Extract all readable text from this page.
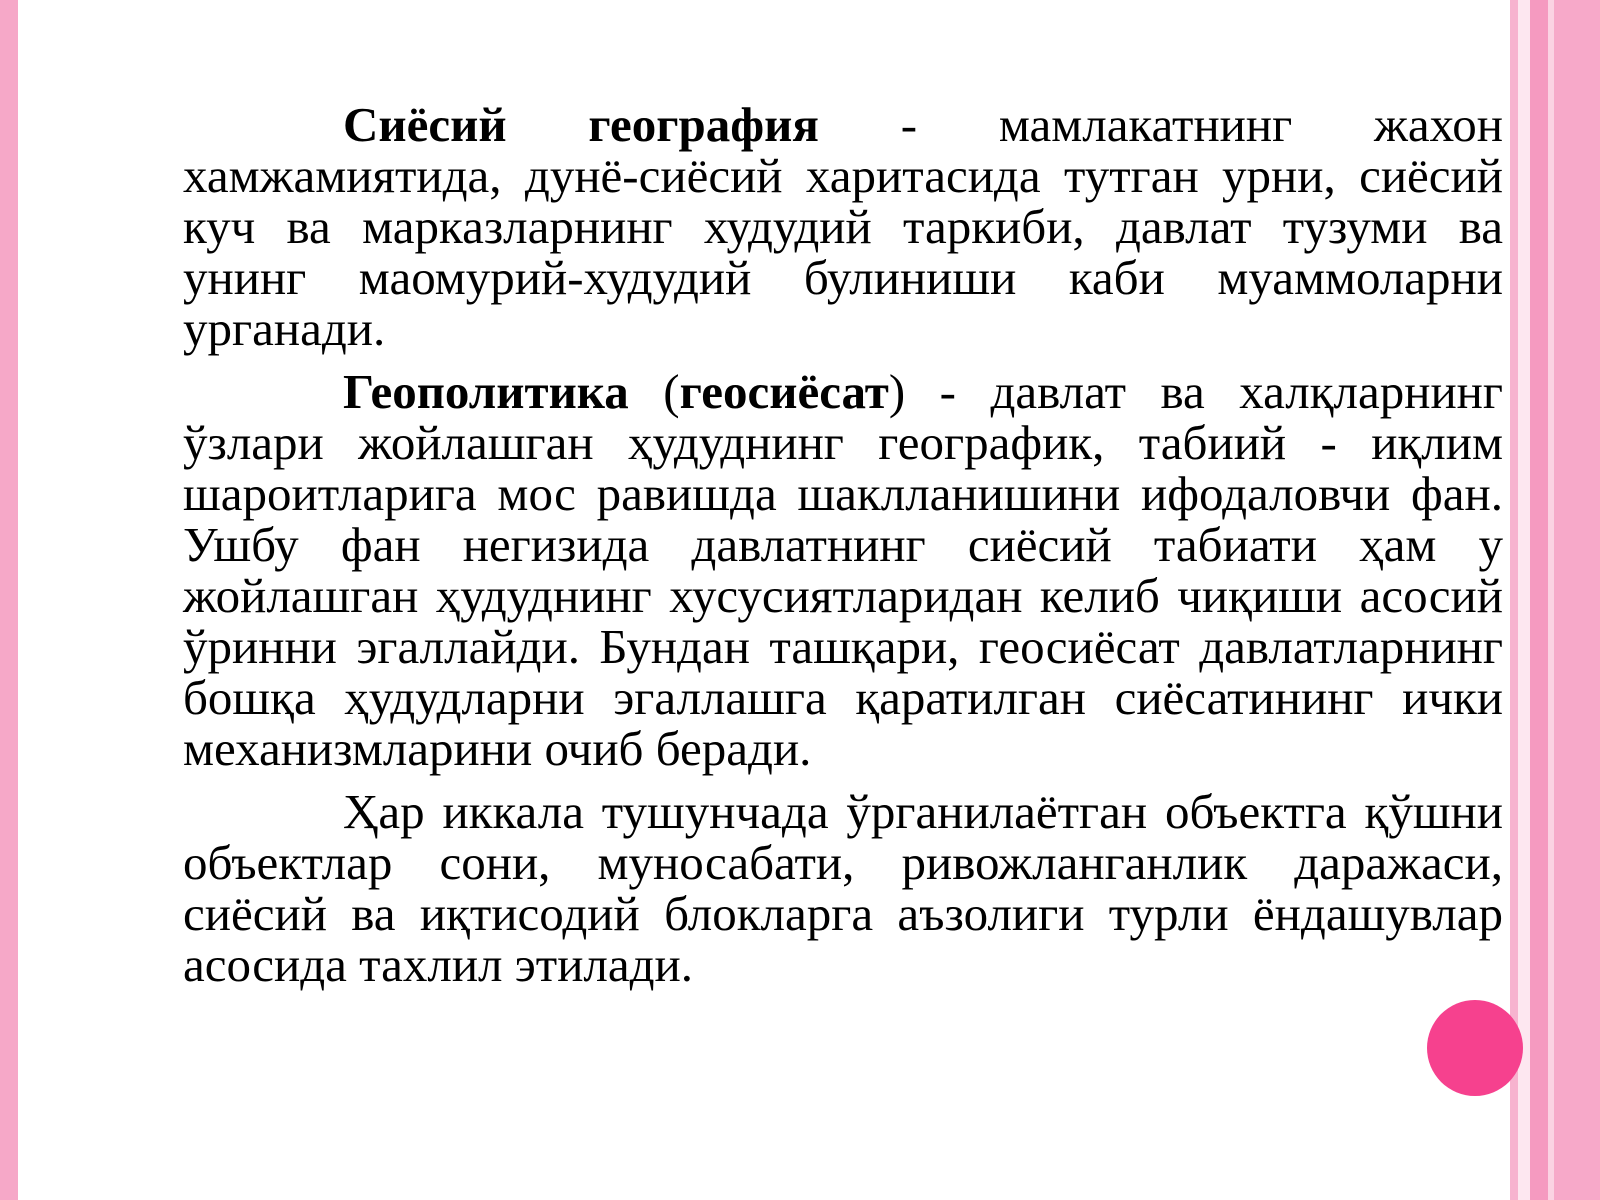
Сиёсий география - мамлакатнинг жахон хамжамиятида, дунё-сиёсий харитасида тутган урни, сиёсий куч ва марказларнинг худудий таркиби, давлат тузуми ва унинг маомурий-худудий булиниши каби муаммоларни урганади.

Геополитика (геосиёсат) - давлат ва халқларнинг ўзлари жойлашган ҳудуднинг географик, табиий - иқлим шароитларига мос равишда шаклланишини ифодаловчи фан. Ушбу фан негизида давлатнинг сиёсий табиати ҳам у жойлашган ҳудуднинг хусусиятларидан келиб чиқиши асосий ўринни эгаллайди. Бундан ташқари, геосиёсат давлатларнинг бошқа ҳудудларни эгаллашга қаратилган сиёсатининг ички механизмларини очиб беради.

Ҳар иккала тушунчада ўрганилаётган объектга қўшни объектлар сони, муносабати, ривожланганлик даражаси, сиёсий ва иқтисодий блокларга аъзолиги турли ёндашувлар асосида тахлил этилади.
